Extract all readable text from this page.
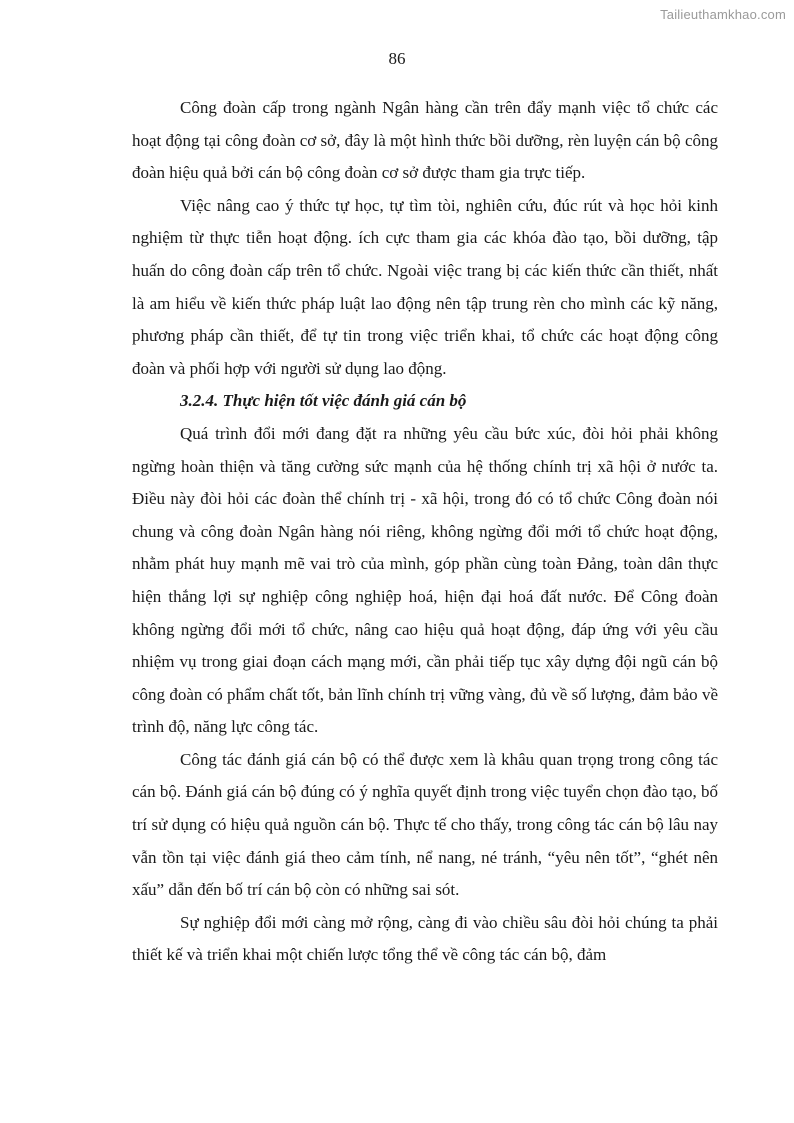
Tailieuthamkhao.com
86

Công đoàn cấp trong ngành Ngân hàng cần trên đẩy mạnh việc tổ chức các hoạt động tại công đoàn cơ sở, đây là một hình thức bồi dưỡng, rèn luyện cán bộ công đoàn hiệu quả bởi cán bộ công đoàn cơ sở được tham gia trực tiếp.

Việc nâng cao ý thức tự học, tự tìm tòi, nghiên cứu, đúc rút và học hỏi kinh nghiệm từ thực tiễn hoạt động. ích cực tham gia các khóa đào tạo, bồi dưỡng, tập huấn do công đoàn cấp trên tổ chức. Ngoài việc trang bị các kiến thức cần thiết, nhất là am hiểu về kiến thức pháp luật lao động nên tập trung rèn cho mình các kỹ năng, phương pháp cần thiết, để tự tin trong việc triển khai, tổ chức các hoạt động công đoàn và phối hợp với người sử dụng lao động.

3.2.4. Thực hiện tốt việc đánh giá cán bộ

Quá trình đổi mới đang đặt ra những yêu cầu bức xúc, đòi hỏi phải không ngừng hoàn thiện và tăng cường sức mạnh của hệ thống chính trị xã hội ở nước ta. Điều này đòi hỏi các đoàn thể chính trị - xã hội, trong đó có tổ chức Công đoàn nói chung và công đoàn Ngân hàng nói riêng, không ngừng đổi mới tổ chức hoạt động, nhằm phát huy mạnh mẽ vai trò của mình, góp phần cùng toàn Đảng, toàn dân thực hiện thắng lợi sự nghiệp công nghiệp hoá, hiện đại hoá đất nước. Để Công đoàn không ngừng đổi mới tổ chức, nâng cao hiệu quả hoạt động, đáp ứng với yêu cầu nhiệm vụ trong giai đoạn cách mạng mới, cần phải tiếp tục xây dựng đội ngũ cán bộ công đoàn có phẩm chất tốt, bản lĩnh chính trị vững vàng, đủ về số lượng, đảm bảo về trình độ, năng lực công tác.

Công tác đánh giá cán bộ có thể được xem là khâu quan trọng trong công tác cán bộ. Đánh giá cán bộ đúng có ý nghĩa quyết định trong việc tuyển chọn đào tạo, bố trí sử dụng có hiệu quả nguồn cán bộ. Thực tế cho thấy, trong công tác cán bộ lâu nay vẫn tồn tại việc đánh giá theo cảm tính, nể nang, né tránh, “yêu nên tốt”, “ghét nên xấu” dẫn đến bố trí cán bộ còn có những sai sót.

Sự nghiệp đổi mới càng mở rộng, càng đi vào chiều sâu đòi hỏi chúng ta phải thiết kế và triển khai một chiến lược tổng thể về công tác cán bộ, đảm
